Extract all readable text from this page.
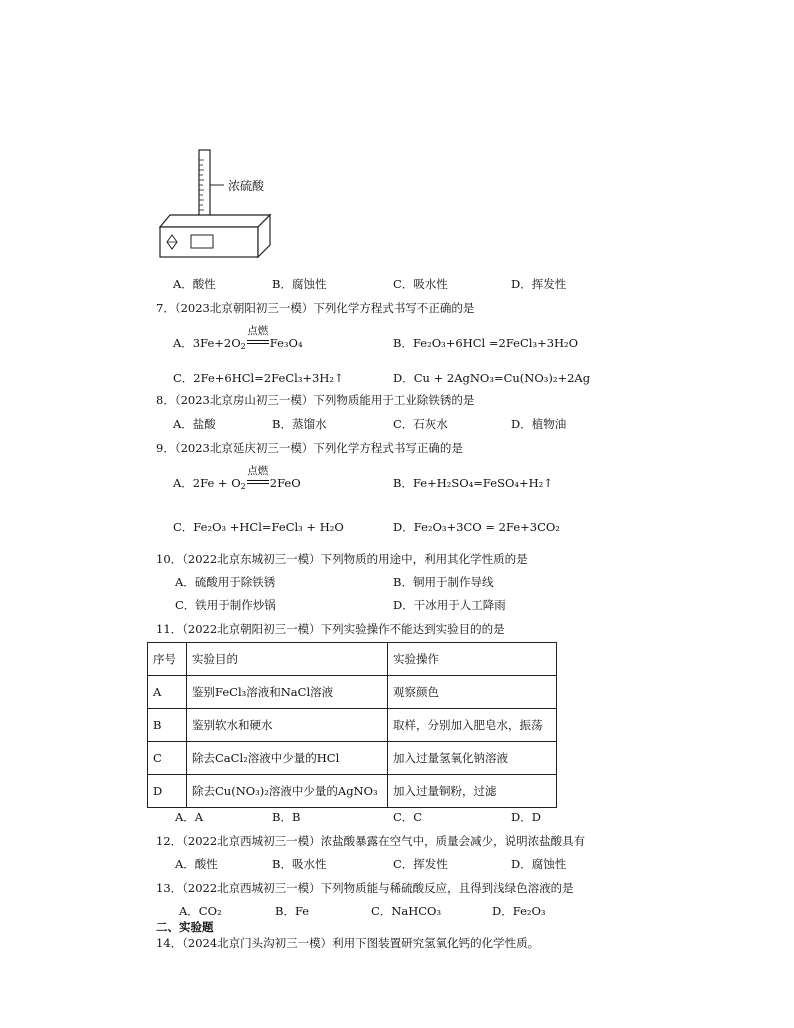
浓硫酸
A．酸性	B．腐蚀性	C．吸水性	D．挥发性
7．（2023北京朝阳初三一模）下列化学方程式书写不正确的是
A．$3Fe+2O_2$
点燃
Fe₃O₄	B．Fe₂O₃+6HCl =2FeCl₃+3H₂O
C．2Fe+6HCl=2FeCl₃+3H₂↑	D．Cu + 2AgNO₃=Cu(NO₃)₂+2Ag
8．（2023北京房山初三一模）下列物质能用于工业除铁锈的是
A．盐酸	B．蒸馏水	C．石灰水	D．植物油
9．（2023北京延庆初三一模）下列化学方程式书写正确的是
A．$2Fe + O_2$
点燃
2FeO	B．Fe+H₂SO₄=FeSO₄+H₂↑
C．Fe₂O₃ +HCl=FeCl₃ + H₂O	D．Fe₂O₃+3CO = 2Fe+3CO₂
10．（2022北京东城初三一模）下列物质的用途中，利用其化学性质的是
A．硫酸用于除铁锈	B．铜用于制作导线
C．铁用于制作炒锅	D．干冰用于人工降雨
11．（2022北京朝阳初三一模）下列实验操作不能达到实验目的的是
序号	实验目的	实验操作
A	鉴别FeCl₃溶液和NaCl溶液	观察颜色
B	鉴别软水和硬水	取样，分别加入肥皂水，振荡
C	除去CaCl₂溶液中少量的HCl	加入过量氢氧化钠溶液
D	除去Cu(NO₃)₂溶液中少量的AgNO₃	加入过量铜粉，过滤
A．A	B．B	C．C	D．D
12．（2022北京西城初三一模）浓盐酸暴露在空气中，质量会减少，说明浓盐酸具有
A．酸性	B．吸水性	C．挥发性	D．腐蚀性
13．（2022北京西城初三一模）下列物质能与稀硫酸反应，且得到浅绿色溶液的是
A．CO₂	B．Fe	C．NaHCO₃	D．Fe₂O₃
二、实验题
14．（2024北京门头沟初三一模）利用下图装置研究氢氧化钙的化学性质。
